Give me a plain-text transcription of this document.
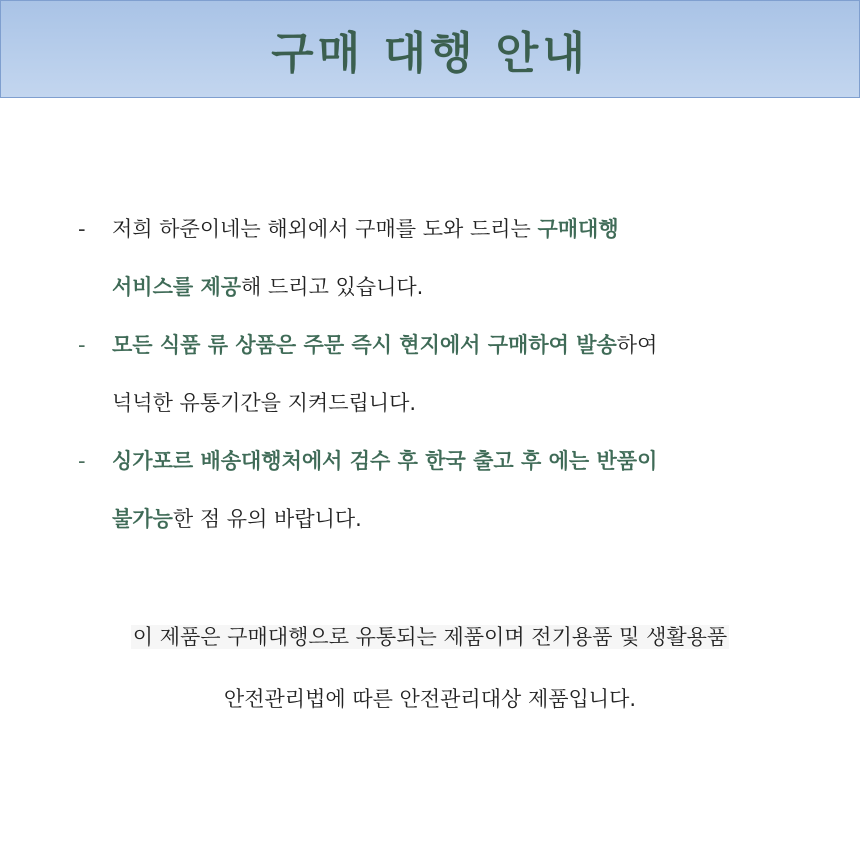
구매 대행 안내
-	저희 하준이네는 해외에서 구매를 도와 드리는 구매대행
서비스를 제공해 드리고 있습니다.
-	모든 식품 류 상품은 주문 즉시 현지에서 구매하여 발송하여
넉넉한 유통기간을 지켜드립니다.
-	싱가포르 배송대행처에서 검수 후 한국 출고 후 에는 반품이
불가능한 점 유의 바랍니다.
이 제품은 구매대행으로 유통되는 제품이며 전기용품 및 생활용품
안전관리법에 따른 안전관리대상 제품입니다.
